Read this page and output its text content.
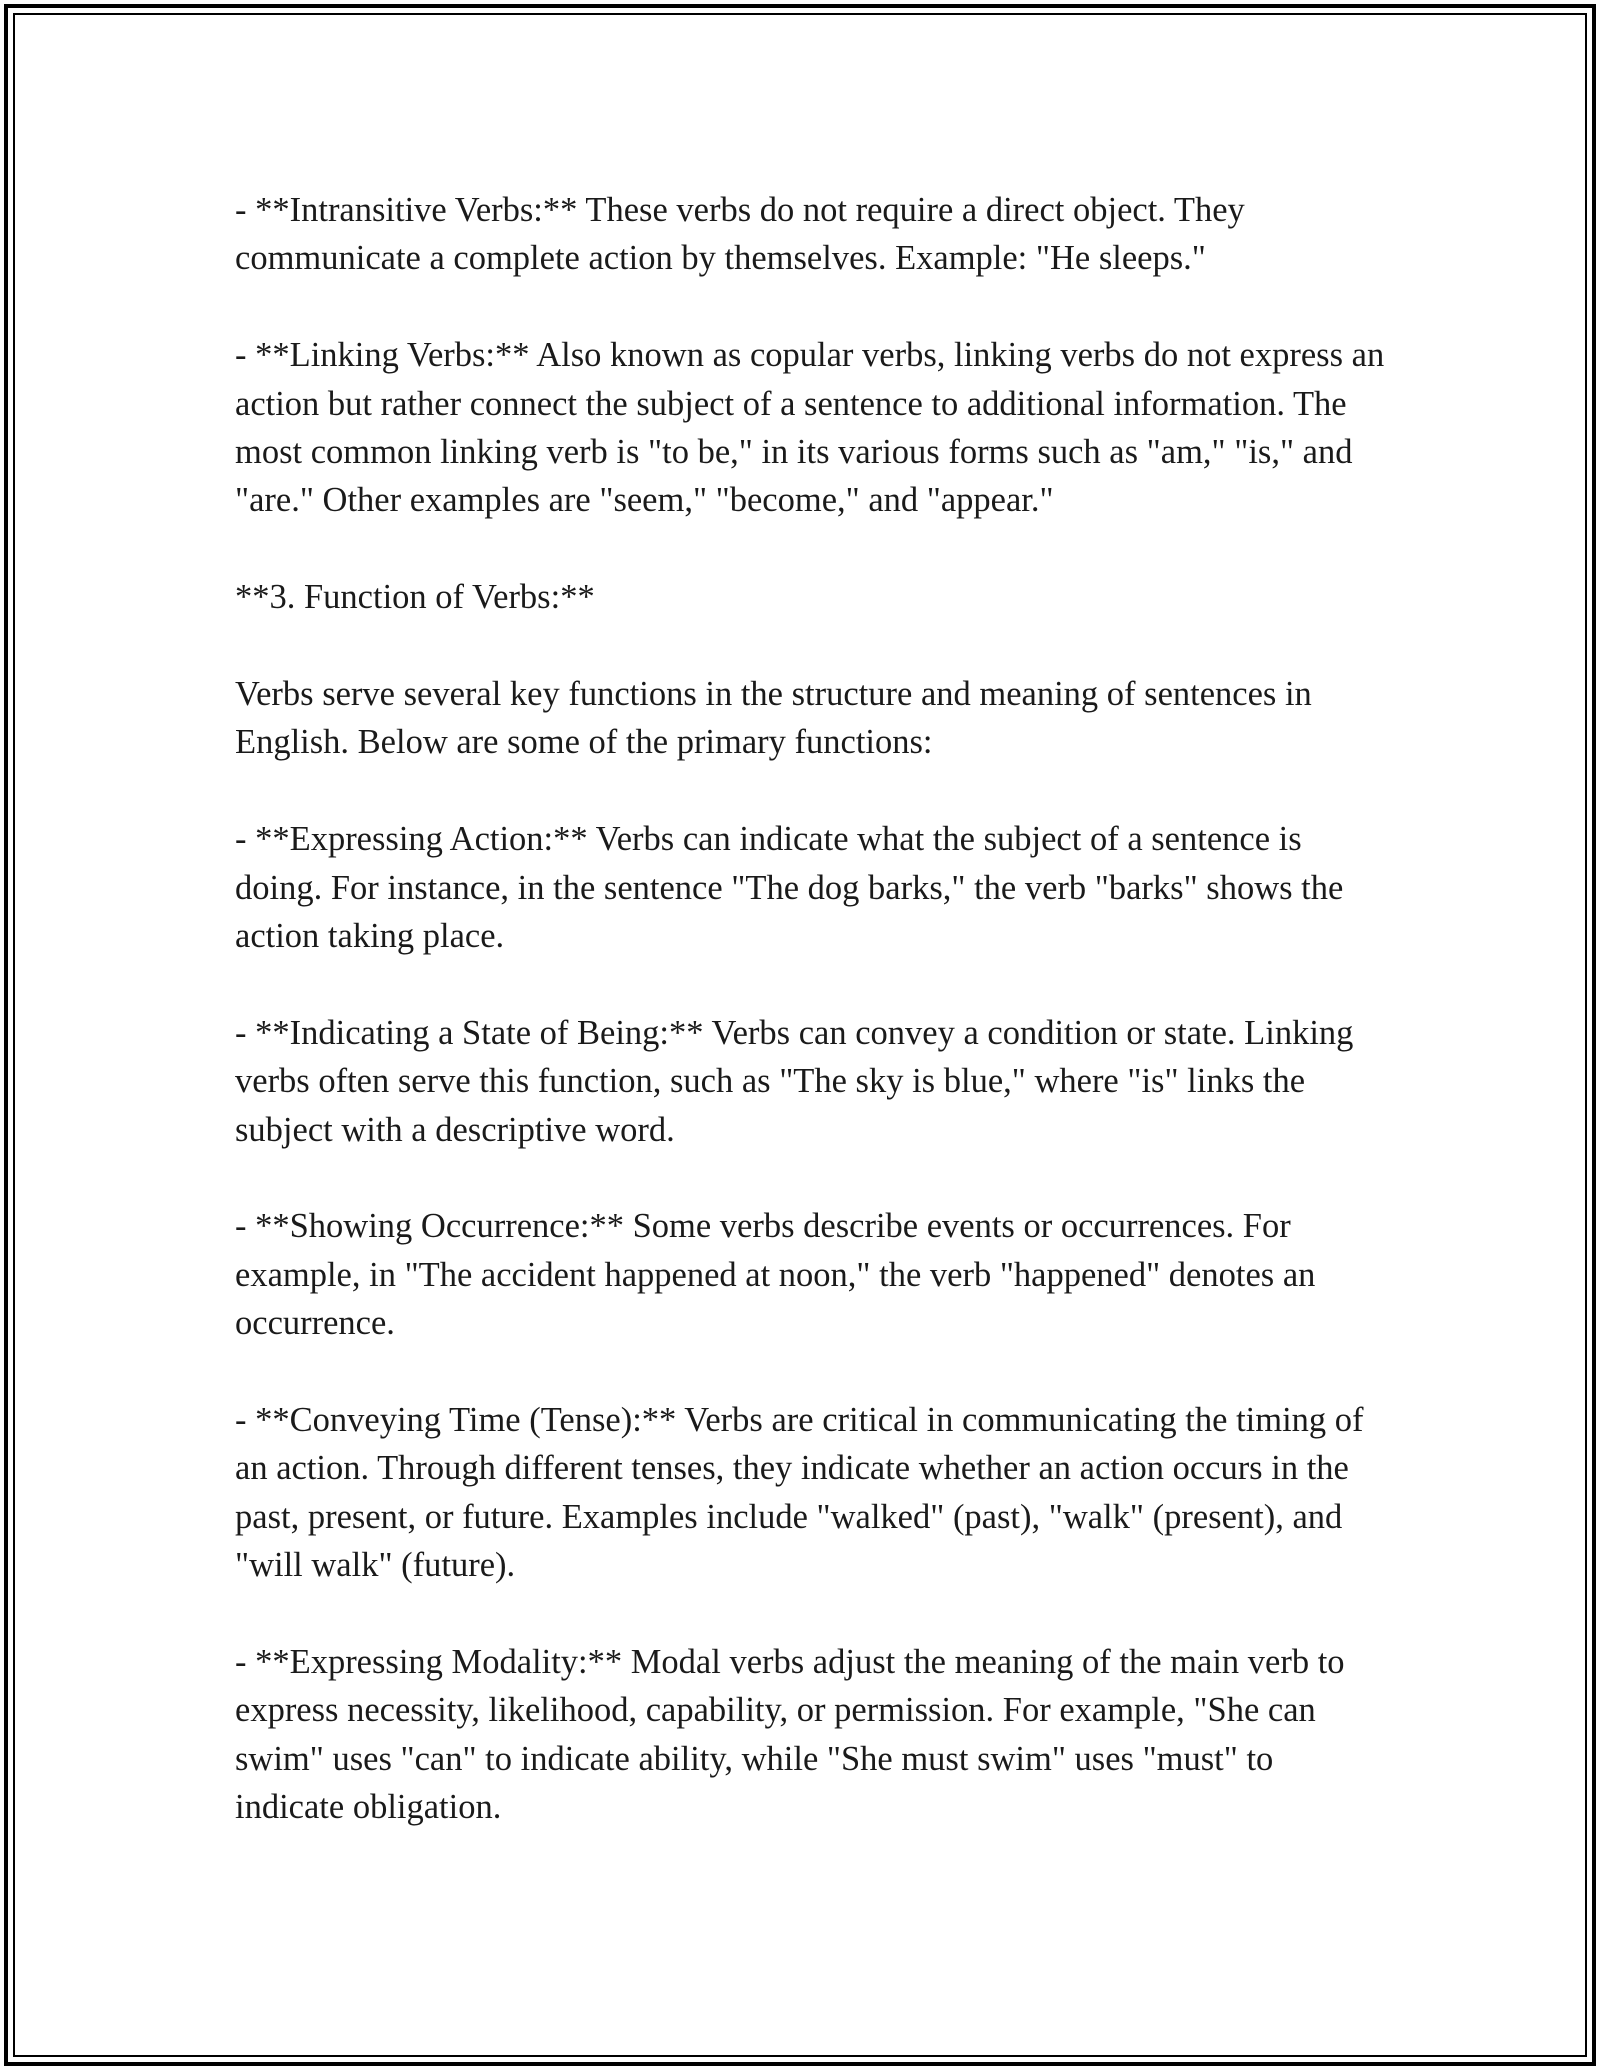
- **Intransitive Verbs:** These verbs do not require a direct object. They communicate a complete action by themselves. Example: "He sleeps."

- **Linking Verbs:** Also known as copular verbs, linking verbs do not express an action but rather connect the subject of a sentence to additional information. The most common linking verb is "to be," in its various forms such as "am," "is," and "are." Other examples are "seem," "become," and "appear."

**3. Function of Verbs:**

Verbs serve several key functions in the structure and meaning of sentences in English. Below are some of the primary functions:

- **Expressing Action:** Verbs can indicate what the subject of a sentence is doing. For instance, in the sentence "The dog barks," the verb "barks" shows the action taking place.

- **Indicating a State of Being:** Verbs can convey a condition or state. Linking verbs often serve this function, such as "The sky is blue," where "is" links the subject with a descriptive word.

- **Showing Occurrence:** Some verbs describe events or occurrences. For example, in "The accident happened at noon," the verb "happened" denotes an occurrence.

- **Conveying Time (Tense):** Verbs are critical in communicating the timing of an action. Through different tenses, they indicate whether an action occurs in the past, present, or future. Examples include "walked" (past), "walk" (present), and "will walk" (future).

- **Expressing Modality:** Modal verbs adjust the meaning of the main verb to express necessity, likelihood, capability, or permission. For example, "She can swim" uses "can" to indicate ability, while "She must swim" uses "must" to indicate obligation.
